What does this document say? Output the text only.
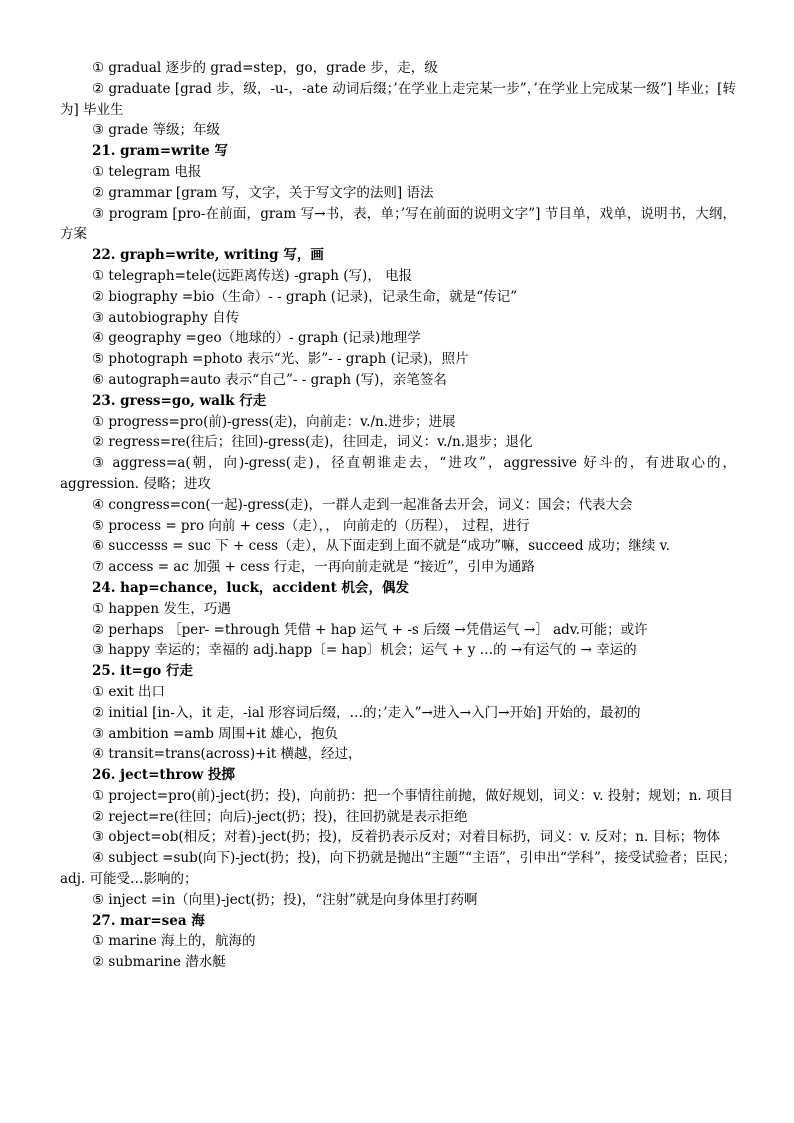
① gradual 逐步的 grad=step，go，grade 步，走，级
② graduate [grad 步，级，-u-，-ate 动词后缀；’在学业上走完某一步”，’在学业上完成某一级”] 毕业；[转为] 毕业生
③ grade 等级；年级
21. gram=write 写
① telegram 电报
② grammar [gram 写，文字，关于写文字的法则] 语法
③ program [pro-在前面，gram 写→书，表，单；’写在前面的说明文字”] 节目单，戏单，说明书，大纲，方案
22. graph=write, writing 写，画
① telegraph=tele(远距离传送) -graph (写)， 电报
② biography =bio（生命）- - graph (记录)，记录生命，就是“传记”
③ autobiography 自传
④ geography =geo（地球的）- graph (记录)地理学
⑤ photograph =photo 表示“光、影”- - graph (记录)，照片
⑥ autograph=auto 表示“自己”- - graph (写)，亲笔签名
23. gress=go, walk 行走
① progress=pro(前)-gress(走)，向前走：v./n.进步；进展
② regress=re(往后；往回)-gress(走)，往回走，词义：v./n.退步；退化
③ aggress=a(朝，向)-gress(走)，径直朝谁走去，“进攻”，aggressive 好斗的，有进取心的，aggression. 侵略；进攻
④ congress=con(一起)-gress(走)，一群人走到一起准备去开会，词义：国会；代表大会
⑤ process = pro 向前 + cess（走），， 向前走的（历程）， 过程，进行
⑥ successs = suc 下 + cess（走），从下面走到上面不就是“成功”嘛，succeed 成功；继续 v.
⑦ access = ac 加强 + cess 行走，一再向前走就是 “接近”，引申为通路
24. hap=chance，luck，accident 机会，偶发
① happen 发生，巧遇
② perhaps ［per- =through 凭借 + hap 运气 + -s 后缀 →凭借运气 →］ adv.可能；或许
③ happy 幸运的；幸福的 adj.happ〔= hap〕机会；运气 + y …的 →有运气的 → 幸运的
25. it=go 行走
① exit 出口
② initial [in-入，it 走，-ial 形容词后缀，…的；’走入”→进入→入门→开始] 开始的，最初的
③ ambition =amb 周围+it 雄心，抱负
④ transit=trans(across)+it 横越，经过，
26. ject=throw 投掷
① project=pro(前)-ject(扔；投)，向前扔：把一个事情往前抛，做好规划，词义：v. 投射；规划；n. 项目
② reject=re(往回；向后)-ject(扔；投)，往回扔就是表示拒绝
③ object=ob(相反；对着)-ject(扔；投)，反着扔表示反对；对着目标扔，词义：v. 反对；n. 目标；物体
④ subject =sub(向下)-ject(扔；投)，向下扔就是抛出“主题”“主语”，引申出“学科”，接受试验者；臣民；adj. 可能受…影响的；
⑤ inject =in（向里)-ject(扔；投)，“注射”就是向身体里打药啊
27. mar=sea 海
① marine 海上的，航海的
② submarine 潜水艇
